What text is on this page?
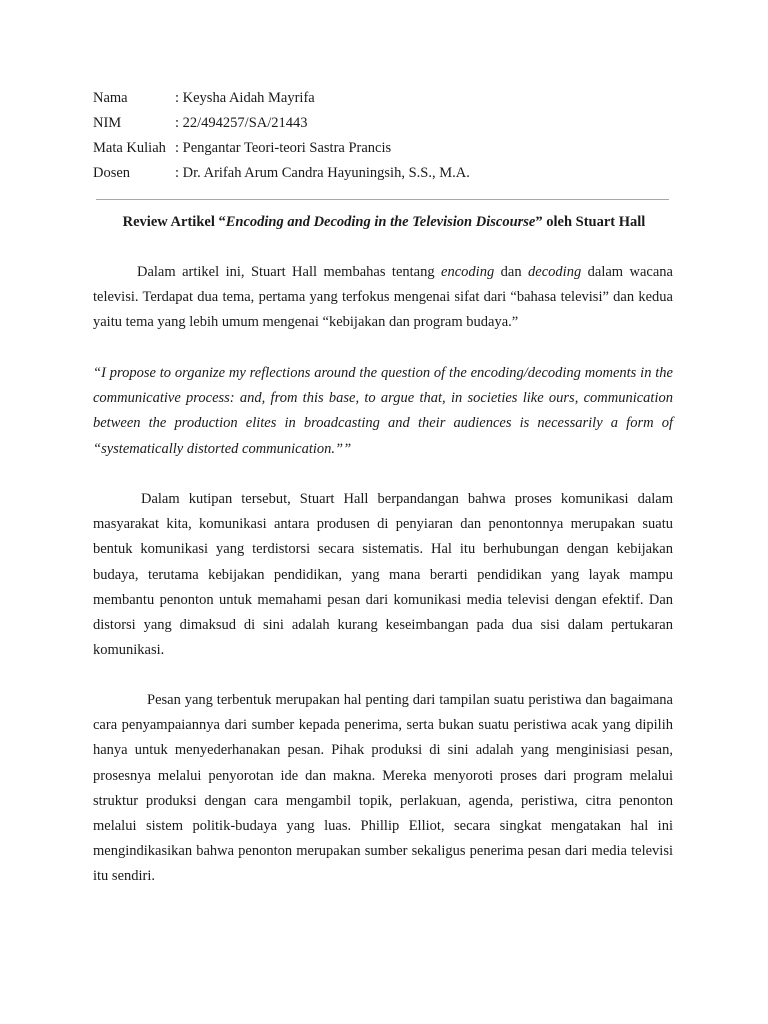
Nama	: Keysha Aidah Mayrifa
NIM	: 22/494257/SA/21443
Mata Kuliah : Pengantar Teori-teori Sastra Prancis
Dosen	: Dr. Arifah Arum Candra Hayuningsih, S.S., M.A.
Review Artikel “Encoding and Decoding in the Television Discourse” oleh Stuart Hall
Dalam artikel ini, Stuart Hall membahas tentang encoding dan decoding dalam wacana televisi. Terdapat dua tema, pertama yang terfokus mengenai sifat dari “bahasa televisi” dan kedua yaitu tema yang lebih umum mengenai “kebijakan dan program budaya.”
“I propose to organize my reflections around the question of the encoding/decoding moments in the communicative process: and, from this base, to argue that, in societies like ours, communication between the production elites in broadcasting and their audiences is necessarily a form of “systematically distorted communication.””
Dalam kutipan tersebut, Stuart Hall berpandangan bahwa proses komunikasi dalam masyarakat kita, komunikasi antara produsen di penyiaran dan penontonnya merupakan suatu bentuk komunikasi yang terdistorsi secara sistematis. Hal itu berhubungan dengan kebijakan budaya, terutama kebijakan pendidikan, yang mana berarti pendidikan yang layak mampu membantu penonton untuk memahami pesan dari komunikasi media televisi dengan efektif. Dan distorsi yang dimaksud di sini adalah kurang keseimbangan pada dua sisi dalam pertukaran komunikasi.
Pesan yang terbentuk merupakan hal penting dari tampilan suatu peristiwa dan bagaimana cara penyampaiannya dari sumber kepada penerima, serta bukan suatu peristiwa acak yang dipilih hanya untuk menyederhanakan pesan. Pihak produksi di sini adalah yang menginisiasi pesan, prosesnya melalui penyorotan ide dan makna. Mereka menyoroti proses dari program melalui struktur produksi dengan cara mengambil topik, perlakuan, agenda, peristiwa, citra penonton melalui sistem politik-budaya yang luas. Phillip Elliot, secara singkat mengatakan hal ini mengindikasikan bahwa penonton merupakan sumber sekaligus penerima pesan dari media televisi itu sendiri.
